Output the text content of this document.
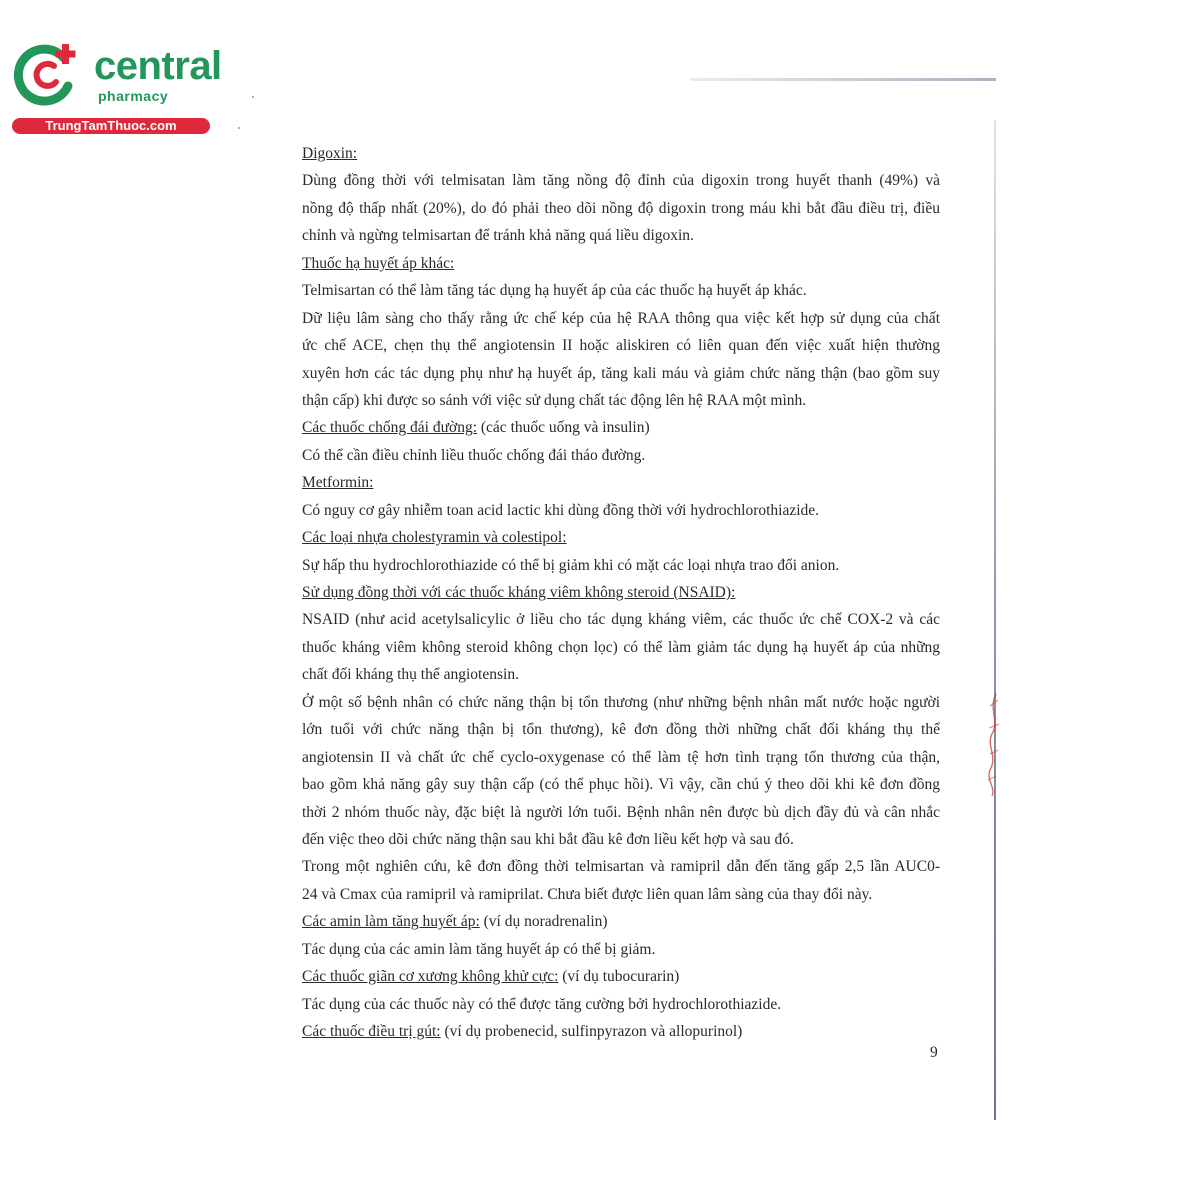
central
pharmacy
TrungTamThuoc.com
Digoxin:
Dùng đồng thời với telmisatan làm tăng nồng độ đỉnh của digoxin trong huyết thanh (49%) và
nồng độ thấp nhất (20%), do đó phải theo dõi nồng độ digoxin trong máu khi bắt đầu điều trị, điều
chỉnh và ngừng telmisartan để tránh khả năng quá liều digoxin.
Thuốc hạ huyết áp khác:
Telmisartan có thể làm tăng tác dụng hạ huyết áp của các thuốc hạ huyết áp khác.
Dữ liệu lâm sàng cho thấy rằng ức chế kép của hệ RAA thông qua việc kết hợp sử dụng của chất
ức chế ACE, chẹn thụ thể angiotensin II hoặc aliskiren có liên quan đến việc xuất hiện thường
xuyên hơn các tác dụng phụ như hạ huyết áp, tăng kali máu và giảm chức năng thận (bao gồm suy
thận cấp) khi được so sánh với việc sử dụng chất tác động lên hệ RAA một mình.
Các thuốc chống đái đường: (các thuốc uống và insulin)
Có thể cần điều chỉnh liều thuốc chống đái tháo đường.
Metformin:
Có nguy cơ gây nhiễm toan acid lactic khi dùng đồng thời với hydrochlorothiazide.
Các loại nhựa cholestyramin và colestipol:
Sự hấp thu hydrochlorothiazide có thể bị giảm khi có mặt các loại nhựa trao đổi anion.
Sử dụng đồng thời với các thuốc kháng viêm không steroid (NSAID):
NSAID (như acid acetylsalicylic ở liều cho tác dụng kháng viêm, các thuốc ức chế COX-2 và các
thuốc kháng viêm không steroid không chọn lọc) có thể làm giảm tác dụng hạ huyết áp của những
chất đối kháng thụ thể angiotensin.
Ở một số bệnh nhân có chức năng thận bị tổn thương (như những bệnh nhân mất nước hoặc người
lớn tuổi với chức năng thận bị tổn thương), kê đơn đồng thời những chất đối kháng thụ thể
angiotensin II và chất ức chế cyclo-oxygenase có thể làm tệ hơn tình trạng tổn thương của thận,
bao gồm khả năng gây suy thận cấp (có thể phục hồi). Vì vậy, cần chú ý theo dõi khi kê đơn đồng
thời 2 nhóm thuốc này, đặc biệt là người lớn tuổi. Bệnh nhân nên được bù dịch đầy đủ và cân nhắc
đến việc theo dõi chức năng thận sau khi bắt đầu kê đơn liều kết hợp và sau đó.
Trong một nghiên cứu, kê đơn đồng thời telmisartan và ramipril dẫn đến tăng gấp 2,5 lần AUC0-
24 và Cmax của ramipril và ramiprilat. Chưa biết được liên quan lâm sàng của thay đổi này.
Các amin làm tăng huyết áp: (ví dụ noradrenalin)
Tác dụng của các amin làm tăng huyết áp có thể bị giảm.
Các thuốc giãn cơ xương không khử cực: (ví dụ tubocurarin)
Tác dụng của các thuốc này có thể được tăng cường bởi hydrochlorothiazide.
Các thuốc điều trị gút: (ví dụ probenecid, sulfinpyrazon và allopurinol)
9
